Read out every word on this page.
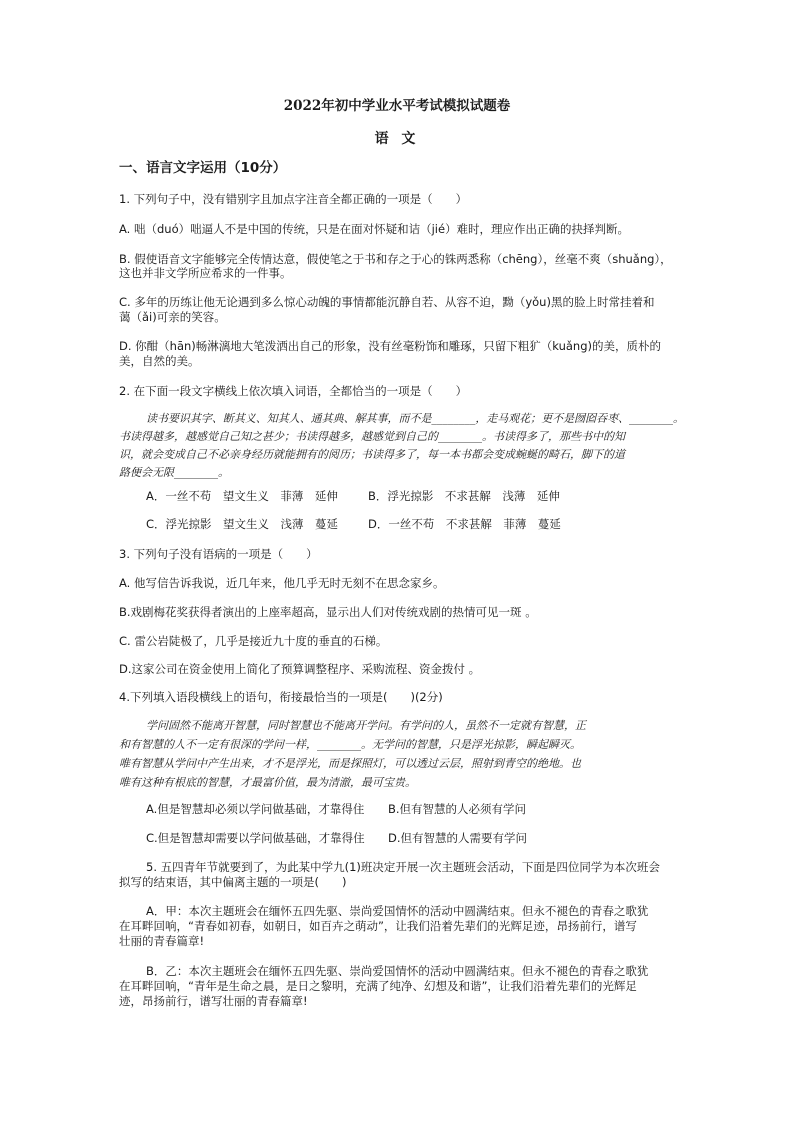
2022年初中学业水平考试模拟试题卷
语 文
一、语言文字运用（10分）
1. 下列句子中，没有错别字且加点字注音全都正确的一项是（　　）
A. 咄（duó）咄逼人不是中国的传统，只是在面对怀疑和诘（jié）难时，理应作出正确的抉择判断。
B. 假使语音文字能够完全传情达意，假使笔之于书和存之于心的铢两悉称（chēng），丝毫不爽（shuǎng），
这也并非文学所应希求的一件事。
C. 多年的历练让他无论遇到多么惊心动魄的事情都能沉静自若、从容不迫，黝（yǒu)黑的脸上时常挂着和
蔼（ǎi)可亲的笑容。
D. 你酣（hān)畅淋漓地大笔泼洒出自己的形象，没有丝毫粉饰和雕琢，只留下粗犷（kuǎng)的美，质朴的
美，自然的美。
2. 在下面一段文字横线上依次填入词语，全都恰当的一项是（　　）
读书要识其字、断其义、知其人、通其典、解其事，而不是________，走马观花；更不是囫囵吞枣、________。
书读得越多，越感觉自己知之甚少；书读得越多，越感觉到自己的________。书读得多了，那些书中的知
识，就会变成自己不必亲身经历就能拥有的阅历；书读得多了，每一本书都会变成蜿蜒的畸石，脚下的道
路便会无限________。
A．一丝不苟　望文生义　菲薄　延伸	B．浮光掠影　不求甚解　浅薄　延伸
C．浮光掠影　望文生义　浅薄　蔓延	D．一丝不苟　不求甚解　菲薄　蔓延
3. 下列句子没有语病的一项是（　　）
A. 他写信告诉我说，近几年来，他几乎无时无刻不在思念家乡。
B.戏剧梅花奖获得者演出的上座率超高，显示出人们对传统戏剧的热情可见一斑 。
C. 雷公岩陡极了，几乎是接近九十度的垂直的石梯。
D.这家公司在资金使用上简化了预算调整程序、采购流程、资金拨付 。
4.下列填入语段横线上的语句，衔接最恰当的一项是(　　)(2分)
学问固然不能离开智慧，同时智慧也不能离开学问。有学问的人，虽然不一定就有智慧，正
和有智慧的人不一定有很深的学问一样，________。无学问的智慧，只是浮光掠影，瞬起瞬灭。
唯有智慧从学问中产生出来，才不是浮光，而是探照灯，可以透过云层，照射到青空的绝地。也
唯有这种有根底的智慧，才最富价值，最为清澈，最可宝贵。
A.但是智慧却必须以学问做基础，才靠得住 B.但有智慧的人必须有学问
C.但是智慧却需要以学问做基础，才靠得住 D.但有智慧的人需要有学问
5. 五四青年节就要到了，为此某中学九(1)班决定开展一次主题班会活动，下面是四位同学为本次班会
拟写的结束语，其中偏离主题的一项是(　　)
A．甲：本次主题班会在缅怀五四先驱、崇尚爱国情怀的活动中圆满结束。但永不褪色的青春之歌犹
在耳畔回响，“青春如初春，如朝日，如百卉之萌动”，让我们沿着先辈们的光辉足迹，昂扬前行，谱写
壮丽的青春篇章!
B．乙：本次主题班会在缅怀五四先驱、崇尚爱国情怀的活动中圆满结束。但永不褪色的青春之歌犹
在耳畔回响，“青年是生命之晨，是日之黎明，充满了纯净、幻想及和谐”，让我们沿着先辈们的光辉足
迹，昂扬前行，谱写壮丽的青春篇章!
